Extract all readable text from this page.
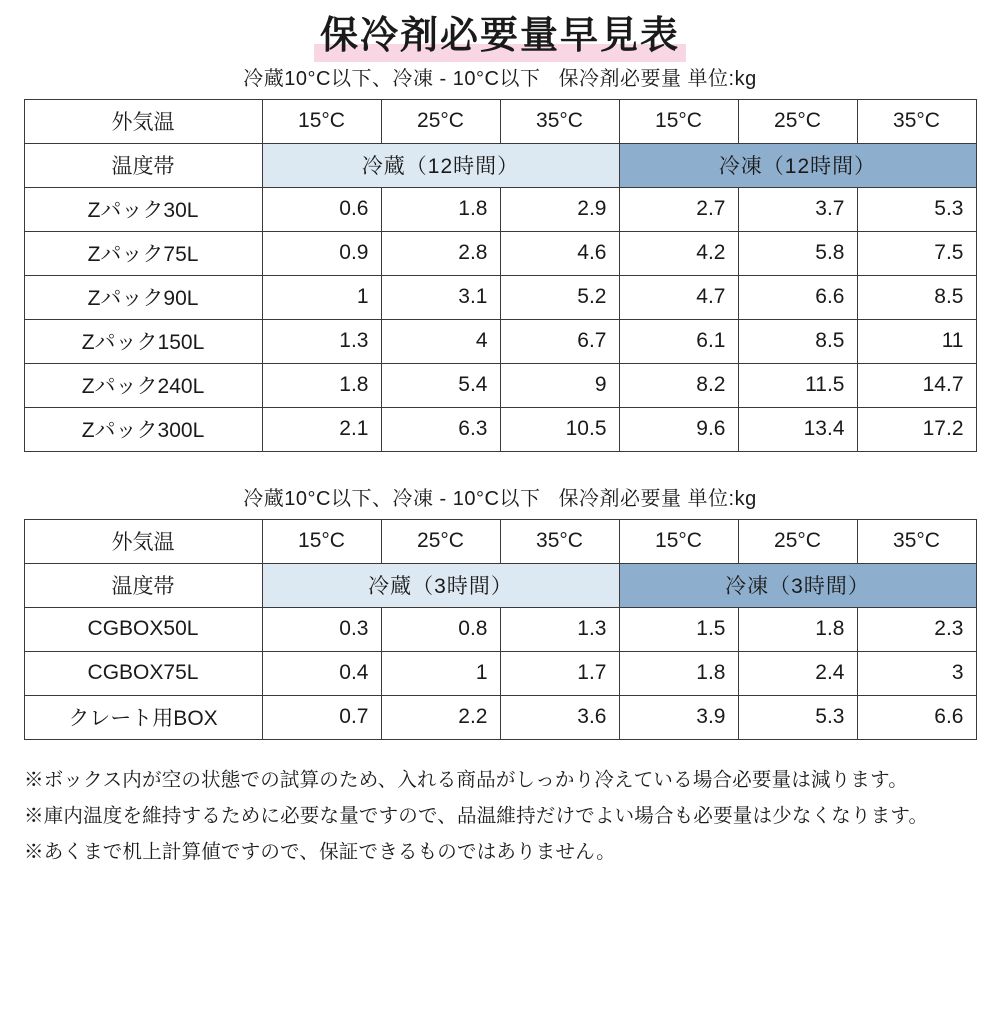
保冷剤必要量早見表
冷蔵10°C以下、冷凍 - 10°C以下 保冷剤必要量 単位:kg
外気温	15°C	25°C	35°C	15°C	25°C	35°C
温度帯	冷蔵（12時間）			冷凍（12時間）		
Zパック30L	0.6	1.8	2.9	2.7	3.7	5.3
Zパック75L	0.9	2.8	4.6	4.2	5.8	7.5
Zパック90L	1	3.1	5.2	4.7	6.6	8.5
Zパック150L	1.3	4	6.7	6.1	8.5	11
Zパック240L	1.8	5.4	9	8.2	11.5	14.7
Zパック300L	2.1	6.3	10.5	9.6	13.4	17.2
冷蔵10°C以下、冷凍 - 10°C以下 保冷剤必要量 単位:kg
外気温	15°C	25°C	35°C	15°C	25°C	35°C
温度帯	冷蔵（3時間）			冷凍（3時間）		
CGBOX50L	0.3	0.8	1.3	1.5	1.8	2.3
CGBOX75L	0.4	1	1.7	1.8	2.4	3
クレート用BOX	0.7	2.2	3.6	3.9	5.3	6.6

※ボックス内が空の状態での試算のため、入れる商品がしっかり冷えている場合必要量は減ります。

※庫内温度を維持するために必要な量ですので、品温維持だけでよい場合も必要量は少なくなります。

※あくまで机上計算値ですので、保証できるものではありません。
